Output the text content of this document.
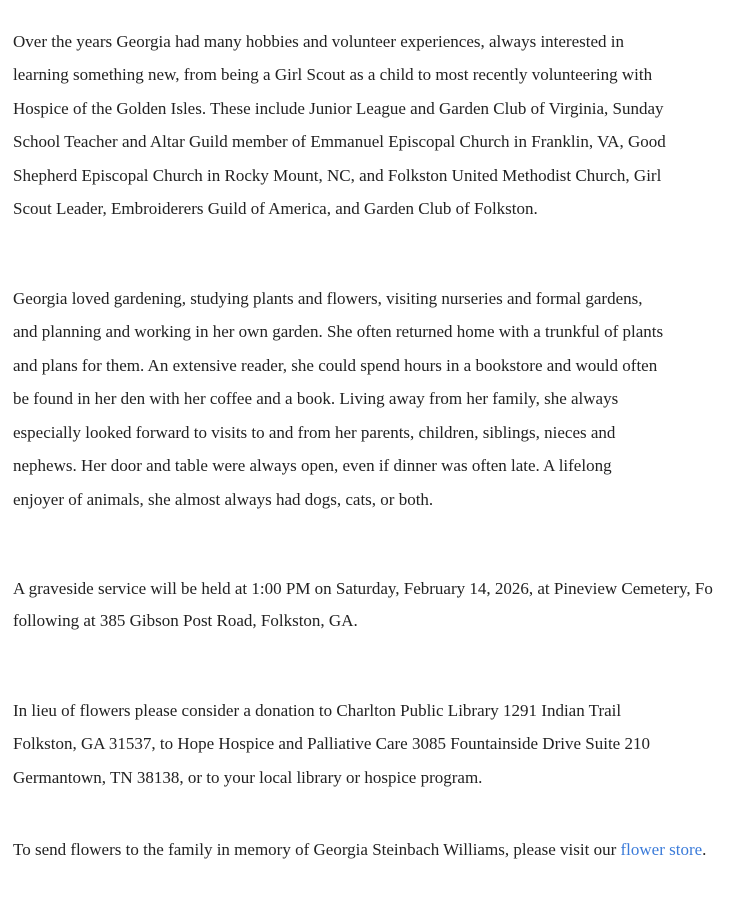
Over the years Georgia had many hobbies and volunteer experiences, always interested in
learning something new, from being a Girl Scout as a child to most recently volunteering with
Hospice of the Golden Isles. These include Junior League and Garden Club of Virginia, Sunday
School Teacher and Altar Guild member of Emmanuel Episcopal Church in Franklin, VA, Good
Shepherd Episcopal Church in Rocky Mount, NC, and Folkston United Methodist Church, Girl
Scout Leader, Embroiderers Guild of America, and Garden Club of Folkston.

Georgia loved gardening, studying plants and flowers, visiting nurseries and formal gardens,
and planning and working in her own garden. She often returned home with a trunkful of plants
and plans for them. An extensive reader, she could spend hours in a bookstore and would often
be found in her den with her coffee and a book. Living away from her family, she always
especially looked forward to visits to and from her parents, children, siblings, nieces and
nephews. Her door and table were always open, even if dinner was often late. A lifelong
enjoyer of animals, she almost always had dogs, cats, or both.

A graveside service will be held at 1:00 PM on Saturday, February 14, 2026, at Pineview Cemetery, Fo
following at 385 Gibson Post Road, Folkston, GA.

In lieu of flowers please consider a donation to Charlton Public Library 1291 Indian Trail
Folkston, GA 31537, to Hope Hospice and Palliative Care 3085 Fountainside Drive Suite 210
Germantown, TN 38138, or to your local library or hospice program.

To send flowers to the family in memory of Georgia Steinbach Williams, please visit our flower store.
